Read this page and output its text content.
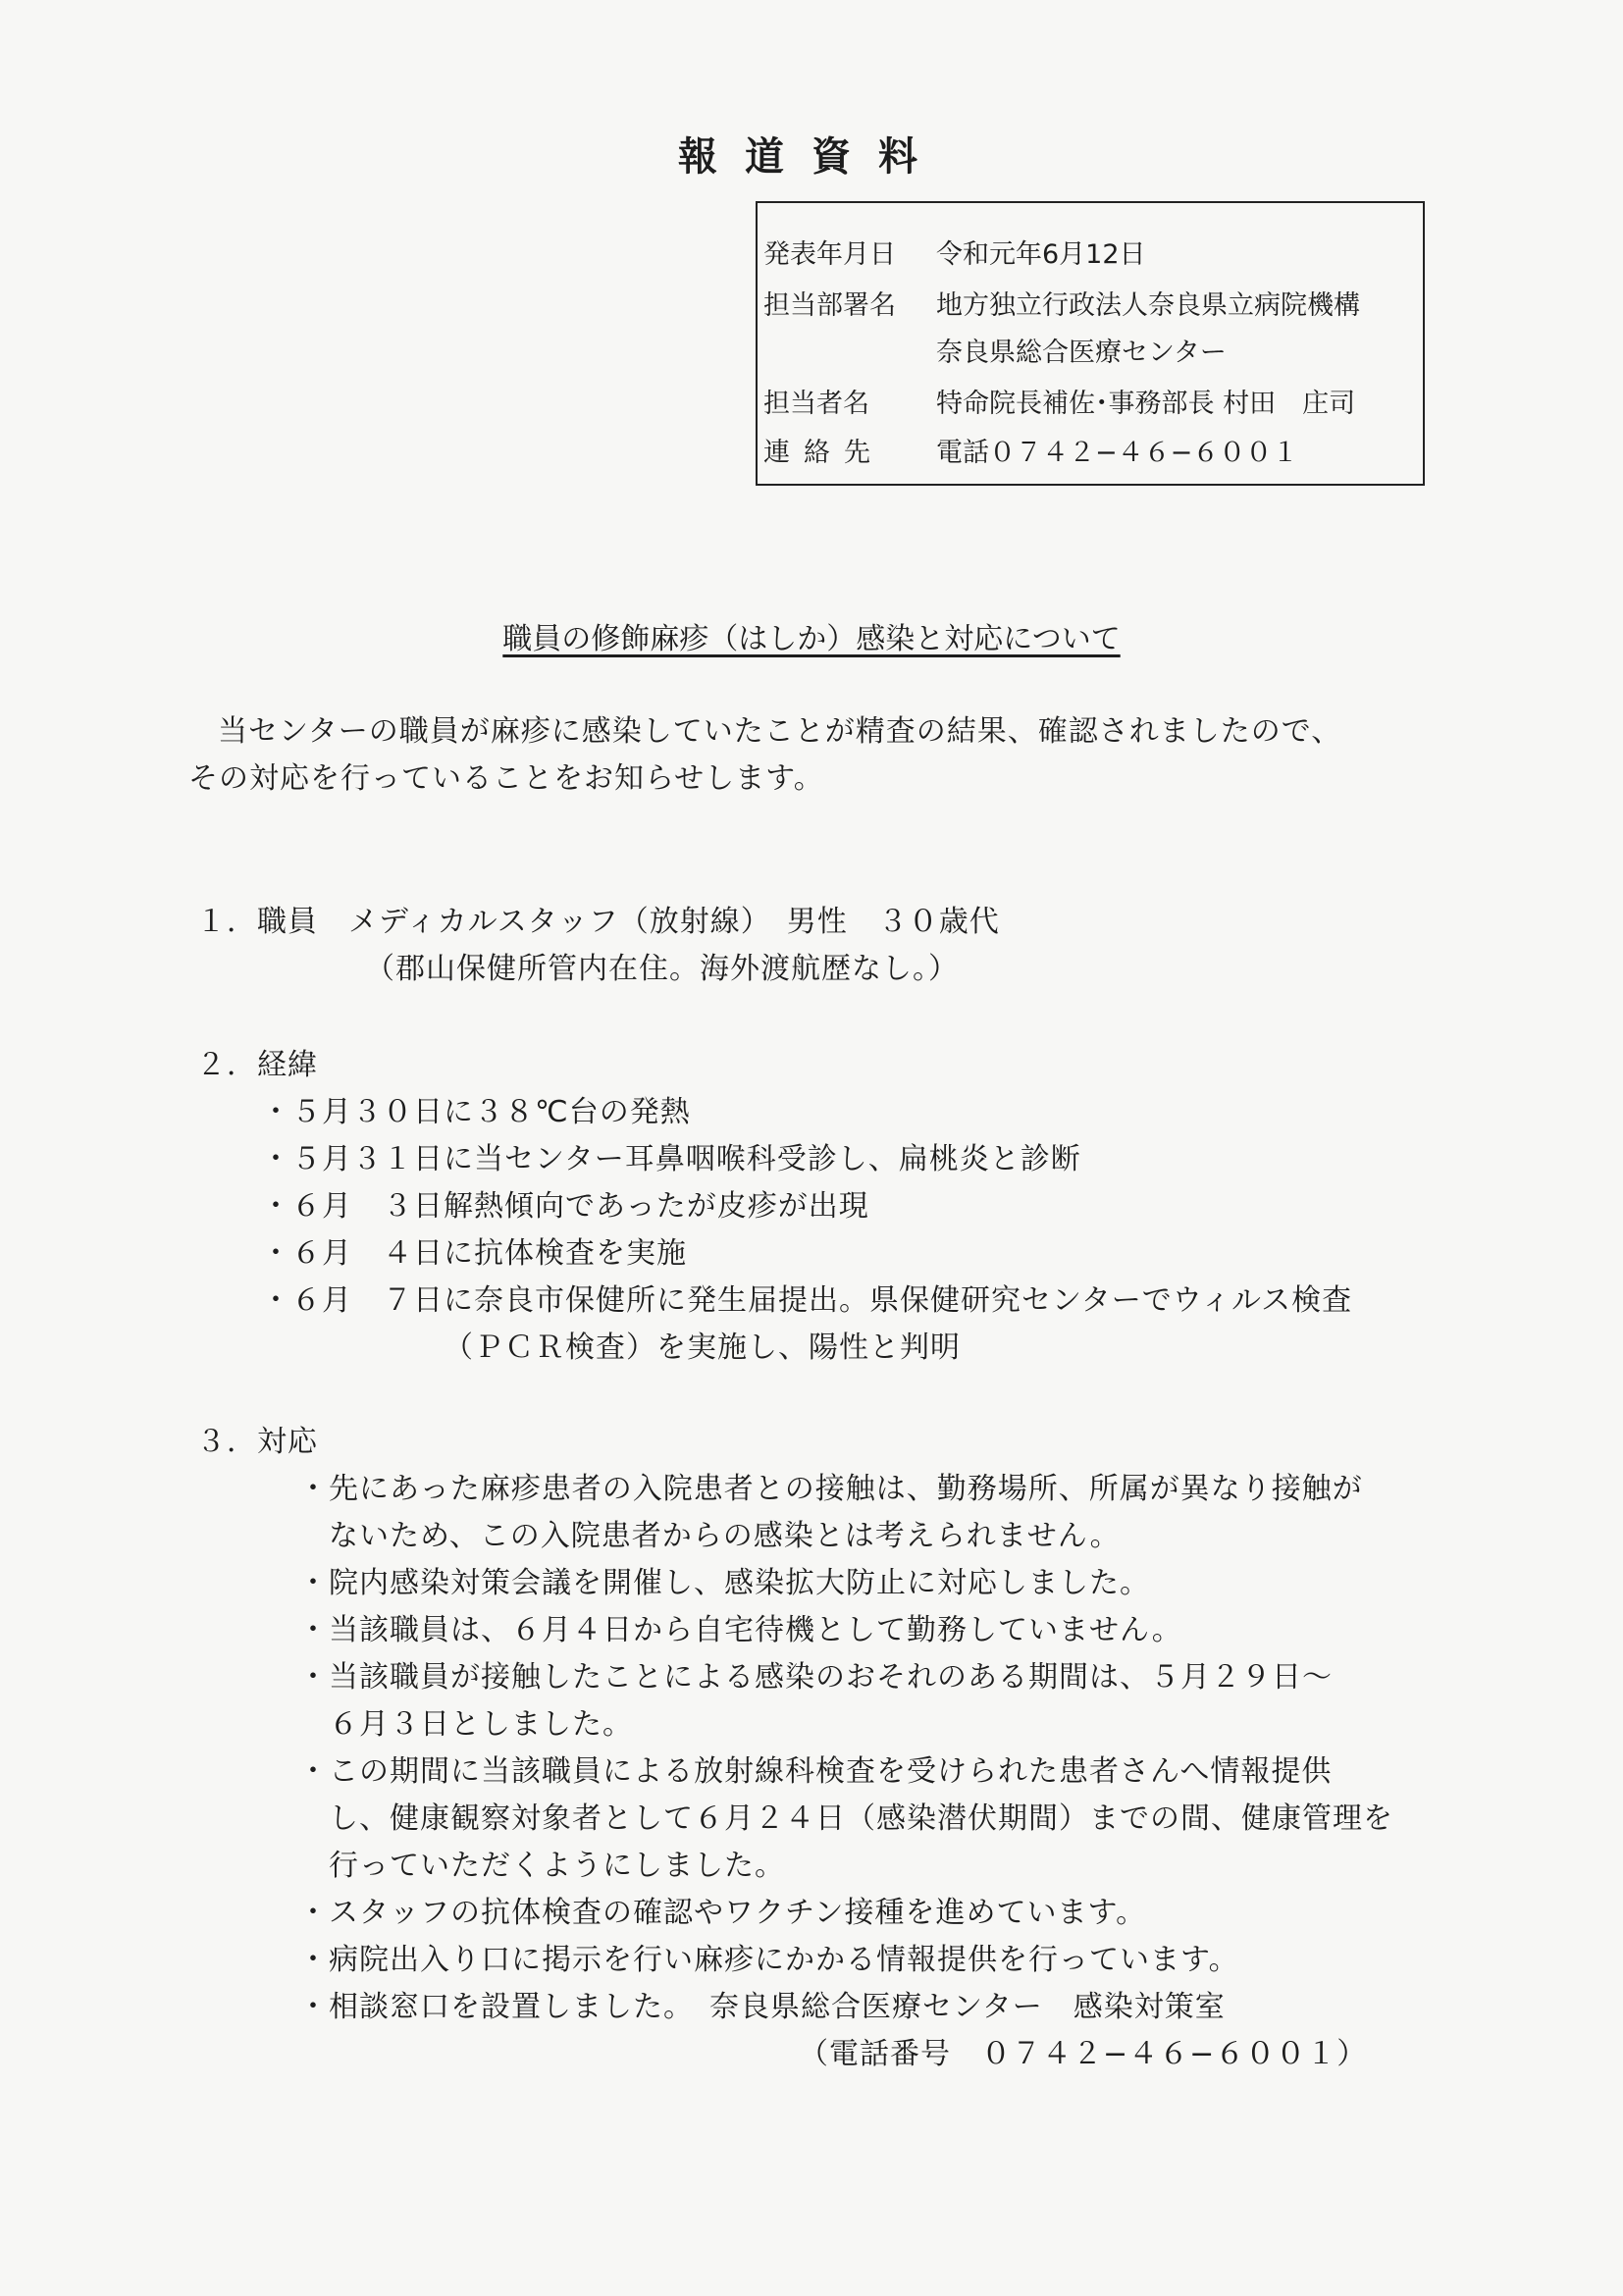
報道資料
発表年月日 令和元年6月12日
担当部署名 地方独立行政法人奈良県立病院機構
奈良県総合医療センター
担当者名	特命院長補佐･事務部長 村田　庄司
連絡先 電話０７４２−４６−６００１
職員の修飾麻疹（はしか）感染と対応について
当センターの職員が麻疹に感染していたことが精査の結果、確認されましたので、
その対応を行っていることをお知らせします。
１．職員　メディカルスタッフ（放射線）　男性　３０歳代
（郡山保健所管内在住。海外渡航歴なし。）
２．経緯
・５月３０日に３８℃台の発熱
・５月３１日に当センター耳鼻咽喉科受診し、扁桃炎と診断
・６月　３日解熱傾向であったが皮疹が出現
・６月　４日に抗体検査を実施
・６月　７日に奈良市保健所に発生届提出。県保健研究センターでウィルス検査
（ＰＣＲ検査）を実施し、陽性と判明
３．対応
・先にあった麻疹患者の入院患者との接触は、勤務場所、所属が異なり接触が
　ないため、この入院患者からの感染とは考えられません。
・院内感染対策会議を開催し、感染拡大防止に対応しました。
・当該職員は、６月４日から自宅待機として勤務していません。
・当該職員が接触したことによる感染のおそれのある期間は、５月２９日〜
　６月３日としました。
・この期間に当該職員による放射線科検査を受けられた患者さんへ情報提供
　し、健康観察対象者として６月２４日（感染潜伏期間）までの間、健康管理を
　行っていただくようにしました。
・スタッフの抗体検査の確認やワクチン接種を進めています。
・病院出入り口に掲示を行い麻疹にかかる情報提供を行っています。
・相談窓口を設置しました。　奈良県総合医療センター　感染対策室
（電話番号　０７４２−４６−６００１）
